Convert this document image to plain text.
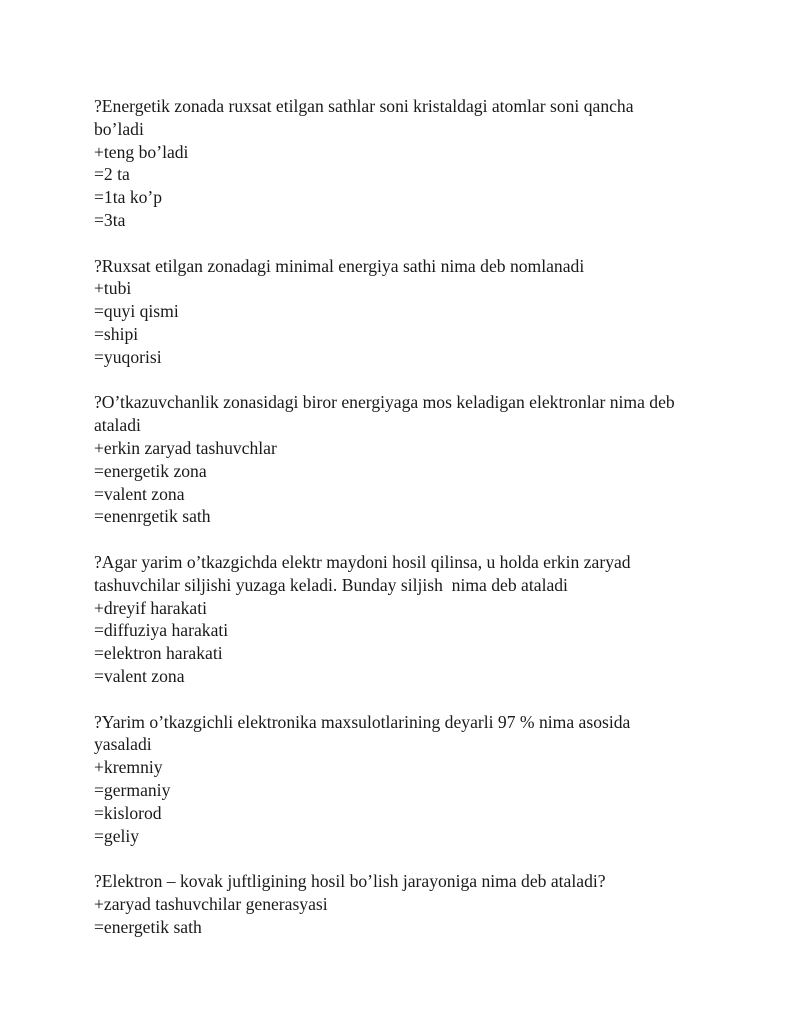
?Energetik zonada ruxsat etilgan sathlar soni kristaldagi atomlar soni qancha
bo’ladi
+teng bo’ladi
=2 ta
=1ta ko’p
=3ta
?Ruxsat etilgan zonadagi minimal energiya sathi nima deb nomlanadi
+tubi
=quyi qismi
=shipi
=yuqorisi
?O’tkazuvchanlik zonasidagi biror energiyaga mos keladigan elektronlar nima deb
ataladi
+erkin zaryad tashuvchlar
=energetik zona
=valent zona
=enenrgetik sath
?Agar yarim o’tkazgichda elektr maydoni hosil qilinsa, u holda erkin zaryad
tashuvchilar siljishi yuzaga keladi. Bunday siljish  nima deb ataladi
+dreyif harakati
=diffuziya harakati
=elektron harakati
=valent zona
?Yarim o’tkazgichli elektronika maxsulotlarining deyarli 97 % nima asosida
yasaladi
+kremniy
=germaniy
=kislorod
=geliy
?Elektron – kovak juftligining hosil bo’lish jarayoniga nima deb ataladi?
+zaryad tashuvchilar generasyasi
=energetik sath
